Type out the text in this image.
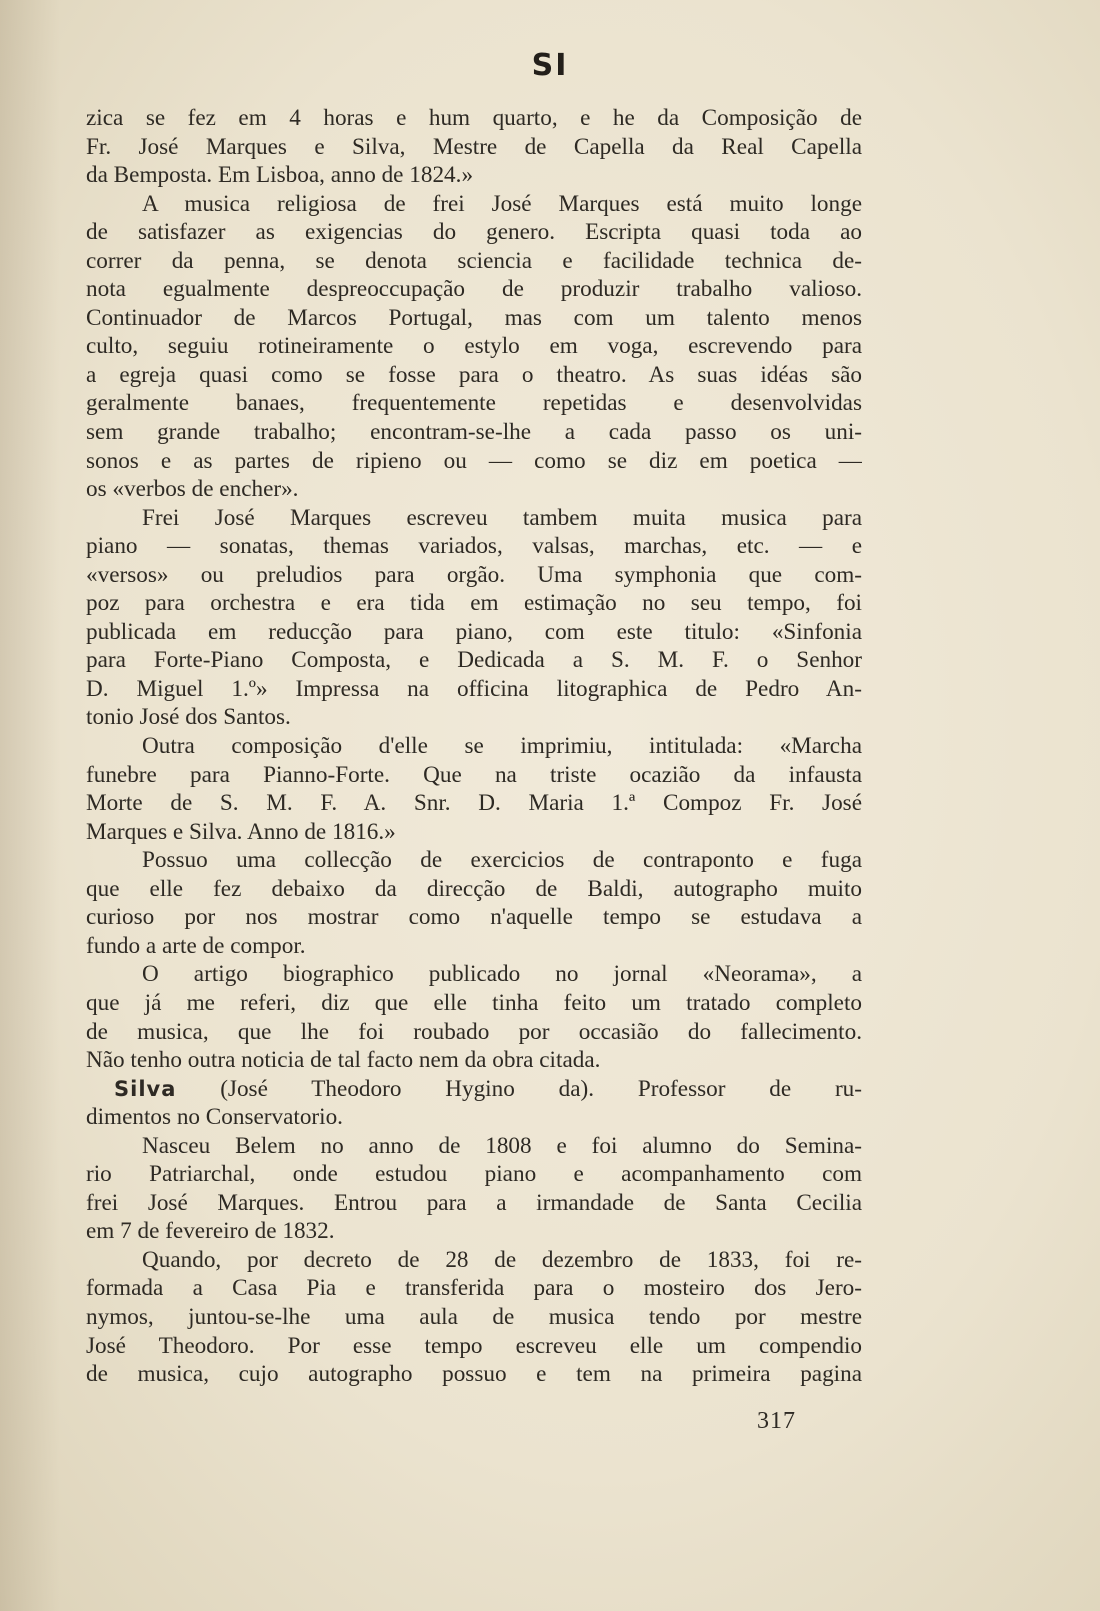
SI
zica se fez em 4 horas e hum quarto, e he da Composição de
Fr. José Marques e Silva, Mestre de Capella da Real Capella
da Bemposta. Em Lisboa, anno de 1824.»
A musica religiosa de frei José Marques está muito longe
de satisfazer as exigencias do genero. Escripta quasi toda ao
correr da penna, se denota sciencia e facilidade technica de-
nota egualmente despreoccupação de produzir trabalho valioso.
Continuador de Marcos Portugal, mas com um talento menos
culto, seguiu rotineiramente o estylo em voga, escrevendo para
a egreja quasi como se fosse para o theatro. As suas idéas são
geralmente banaes, frequentemente repetidas e desenvolvidas
sem grande trabalho; encontram-se-lhe a cada passo os uni-
sonos e as partes de ripieno ou — como se diz em poetica —
os «verbos de encher».
Frei José Marques escreveu tambem muita musica para
piano — sonatas, themas variados, valsas, marchas, etc. — e
«versos» ou preludios para orgão. Uma symphonia que com-
poz para orchestra e era tida em estimação no seu tempo, foi
publicada em reducção para piano, com este titulo: «Sinfonia
para Forte-Piano Composta, e Dedicada a S. M. F. o Senhor
D. Miguel 1.º» Impressa na officina litographica de Pedro An-
tonio José dos Santos.
Outra composição d'elle se imprimiu, intitulada: «Marcha
funebre para Pianno-Forte. Que na triste ocazião da infausta
Morte de S. M. F. A. Snr. D. Maria 1.ª Compoz Fr. José
Marques e Silva. Anno de 1816.»
Possuo uma collecção de exercicios de contraponto e fuga
que elle fez debaixo da direcção de Baldi, autographo muito
curioso por nos mostrar como n'aquelle tempo se estudava a
fundo a arte de compor.
O artigo biographico publicado no jornal «Neorama», a
que já me referi, diz que elle tinha feito um tratado completo
de musica, que lhe foi roubado por occasião do fallecimento.
Não tenho outra noticia de tal facto nem da obra citada.
Silva (José Theodoro Hygino da). Professor de ru-
dimentos no Conservatorio.
Nasceu Belem no anno de 1808 e foi alumno do Semina-
rio Patriarchal, onde estudou piano e acompanhamento com
frei José Marques. Entrou para a irmandade de Santa Cecilia
em 7 de fevereiro de 1832.
Quando, por decreto de 28 de dezembro de 1833, foi re-
formada a Casa Pia e transferida para o mosteiro dos Jero-
nymos, juntou-se-lhe uma aula de musica tendo por mestre
José Theodoro. Por esse tempo escreveu elle um compendio
de musica, cujo autographo possuo e tem na primeira pagina
317
